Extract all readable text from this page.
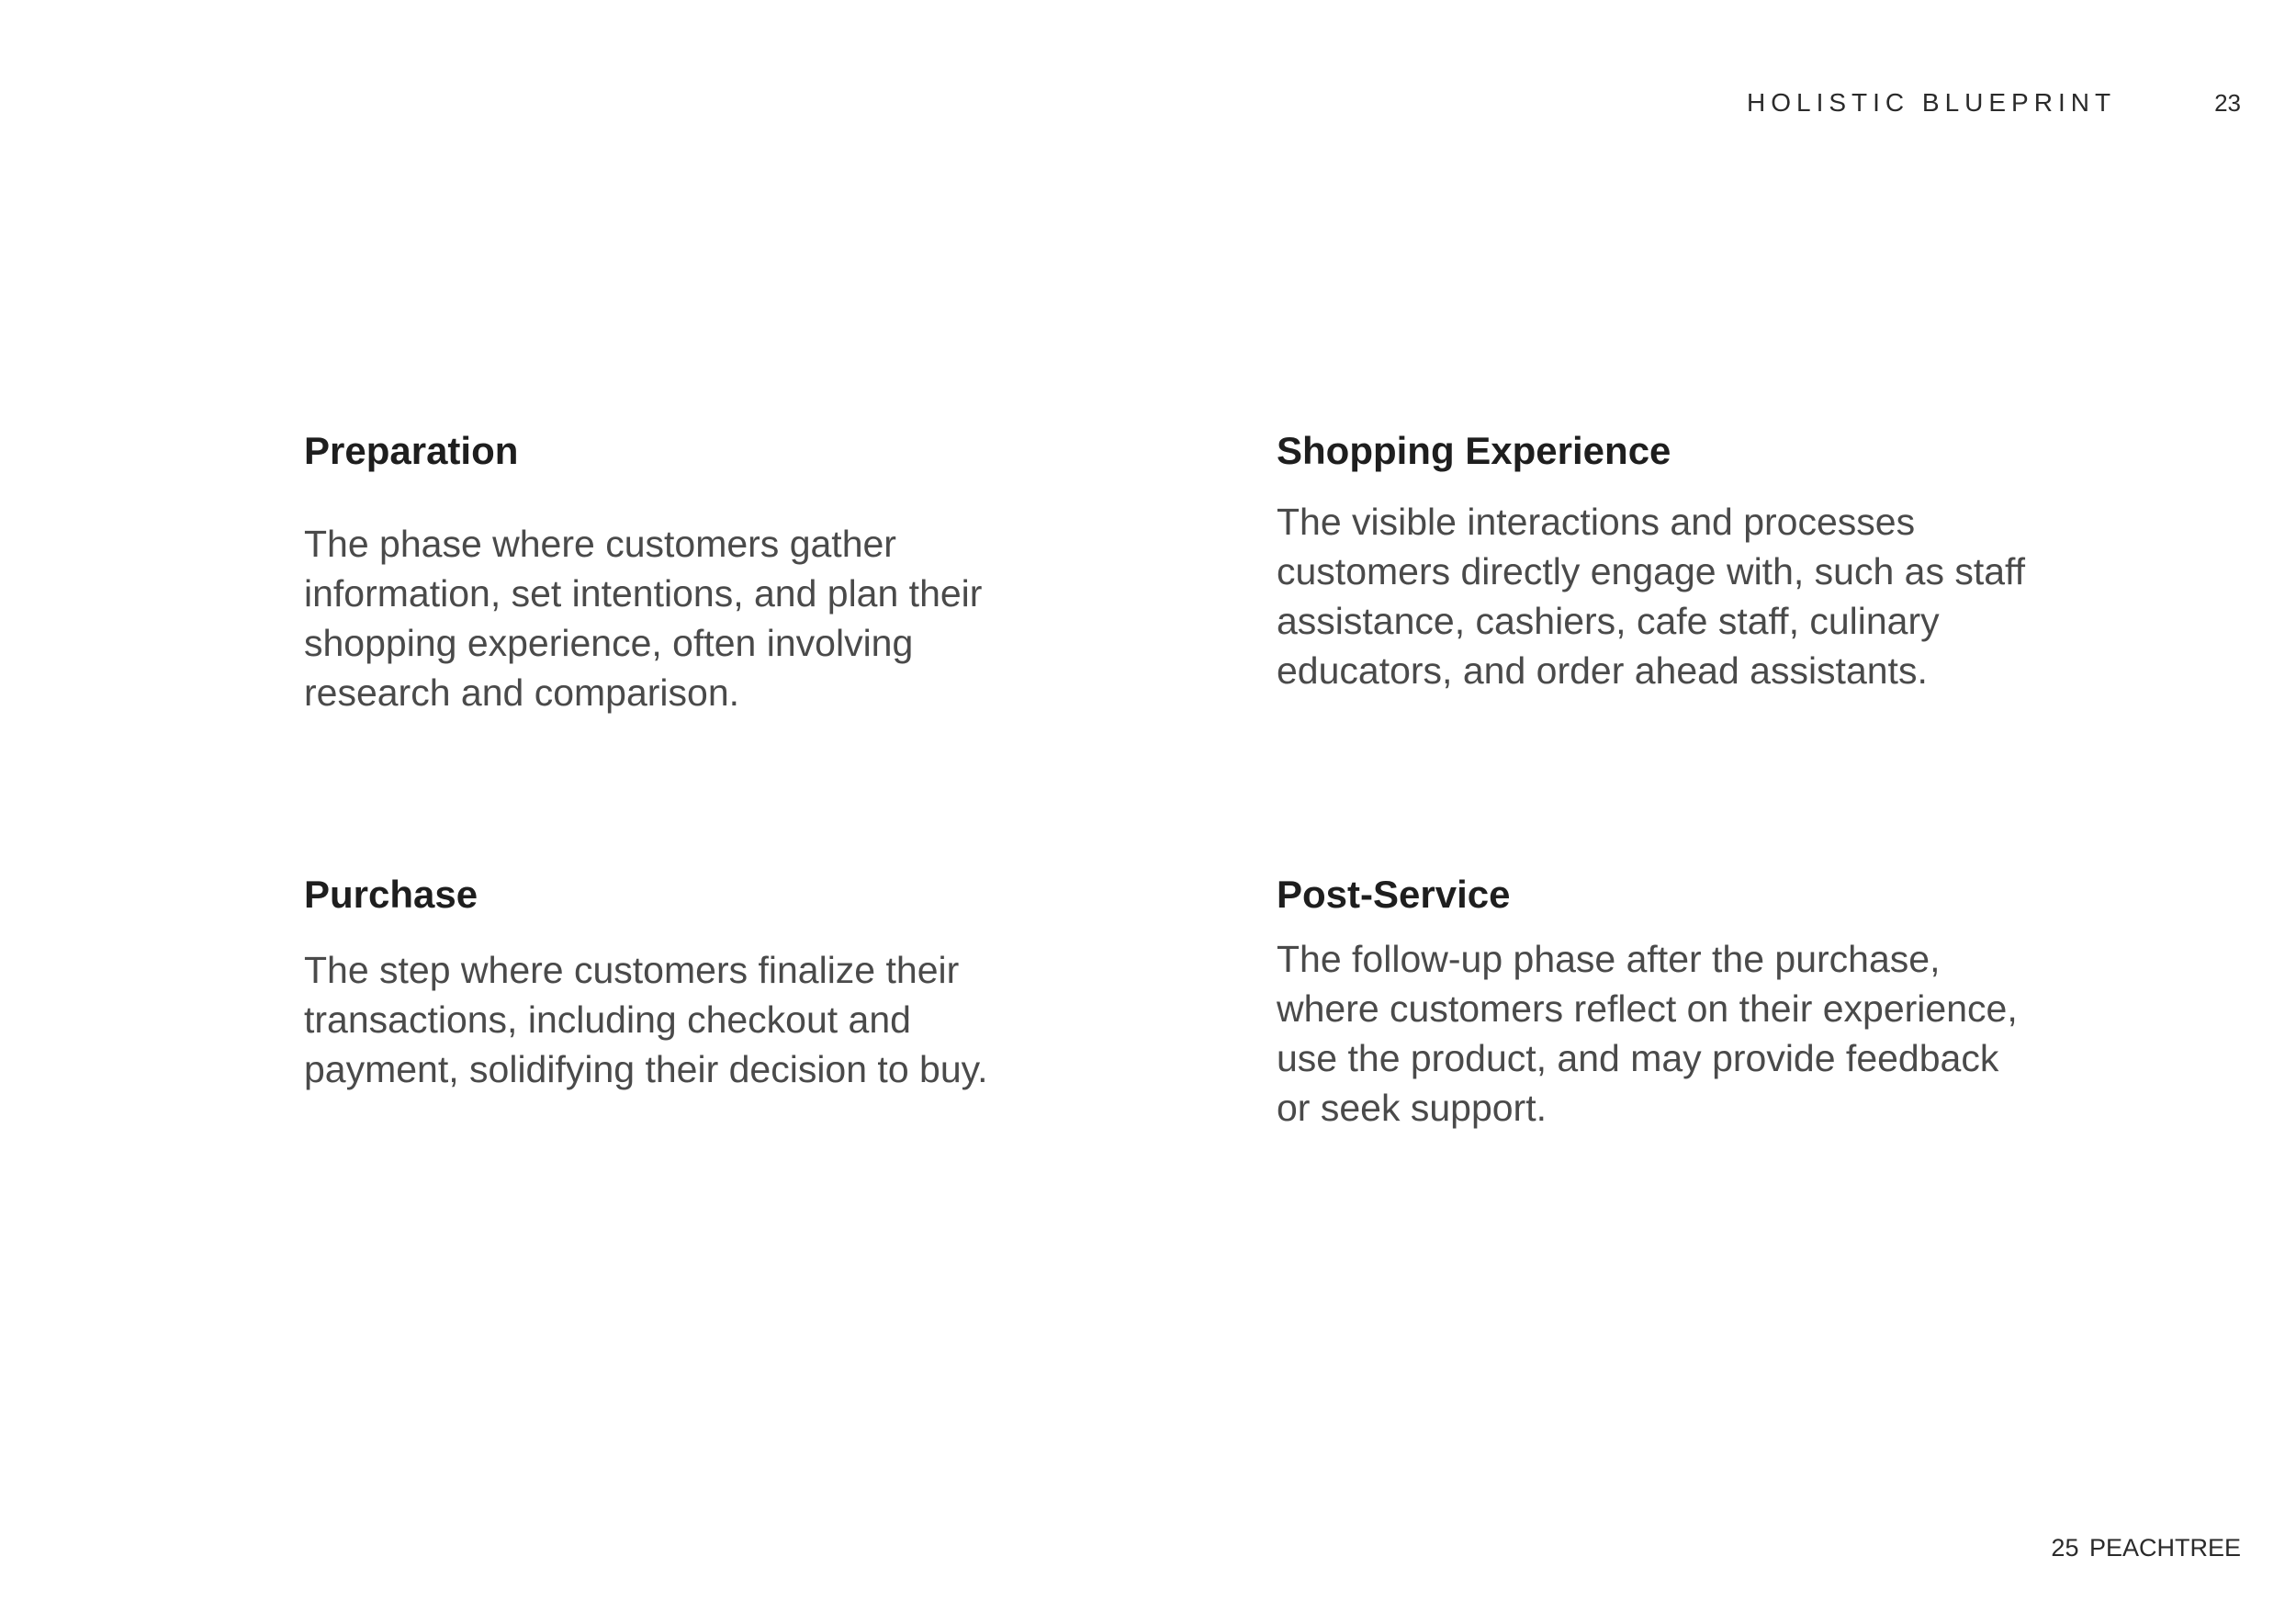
HOLISTIC BLUEPRINT	23
Preparation

The phase where customers gather information, set intentions, and plan their shopping experience, often involving research and comparison.

Shopping Experience

The visible interactions and processes customers directly engage with, such as staff assistance, cashiers, cafe staff, culinary educators, and order ahead assistants.

Purchase

The step where customers finalize their transactions, including checkout and payment, solidifying their decision to buy.

Post-Service

The follow-up phase after the purchase, where customers reflect on their experience, use the product, and may provide feedback or seek support.

25 PEACHTREE
